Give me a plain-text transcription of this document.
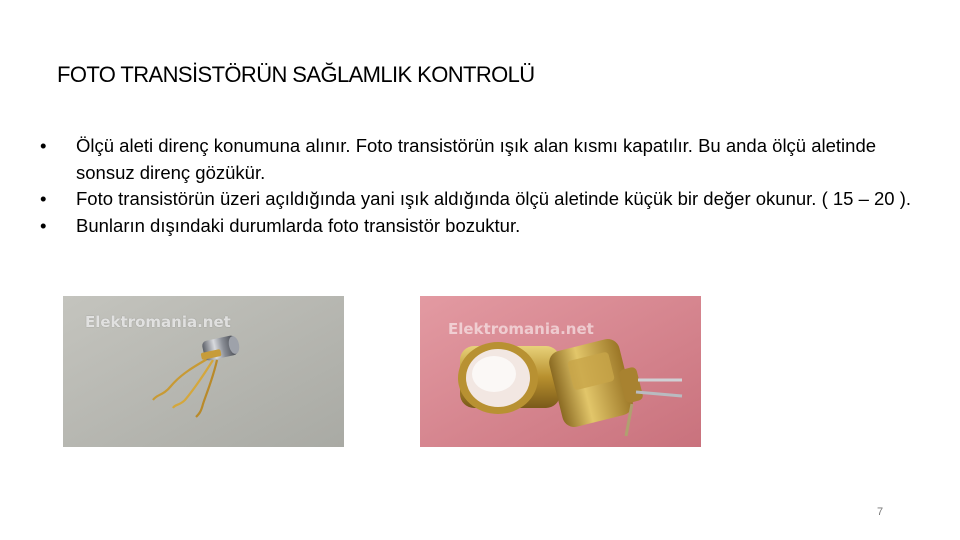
FOTO TRANSİSTÖRÜN SAĞLAMLIK KONTROLÜ
•	Ölçü aleti direnç konumuna alınır. Foto transistörün ışık alan kısmı kapatılır. Bu anda ölçü aletinde sonsuz direnç gözükür.
•	Foto transistörün üzeri açıldığında yani ışık aldığında ölçü aletinde küçük bir değer okunur. ( 15 – 20 ).
•	Bunların dışındaki durumlarda foto transistör bozuktur.
Elektromania.net	Elektromania.net
7
